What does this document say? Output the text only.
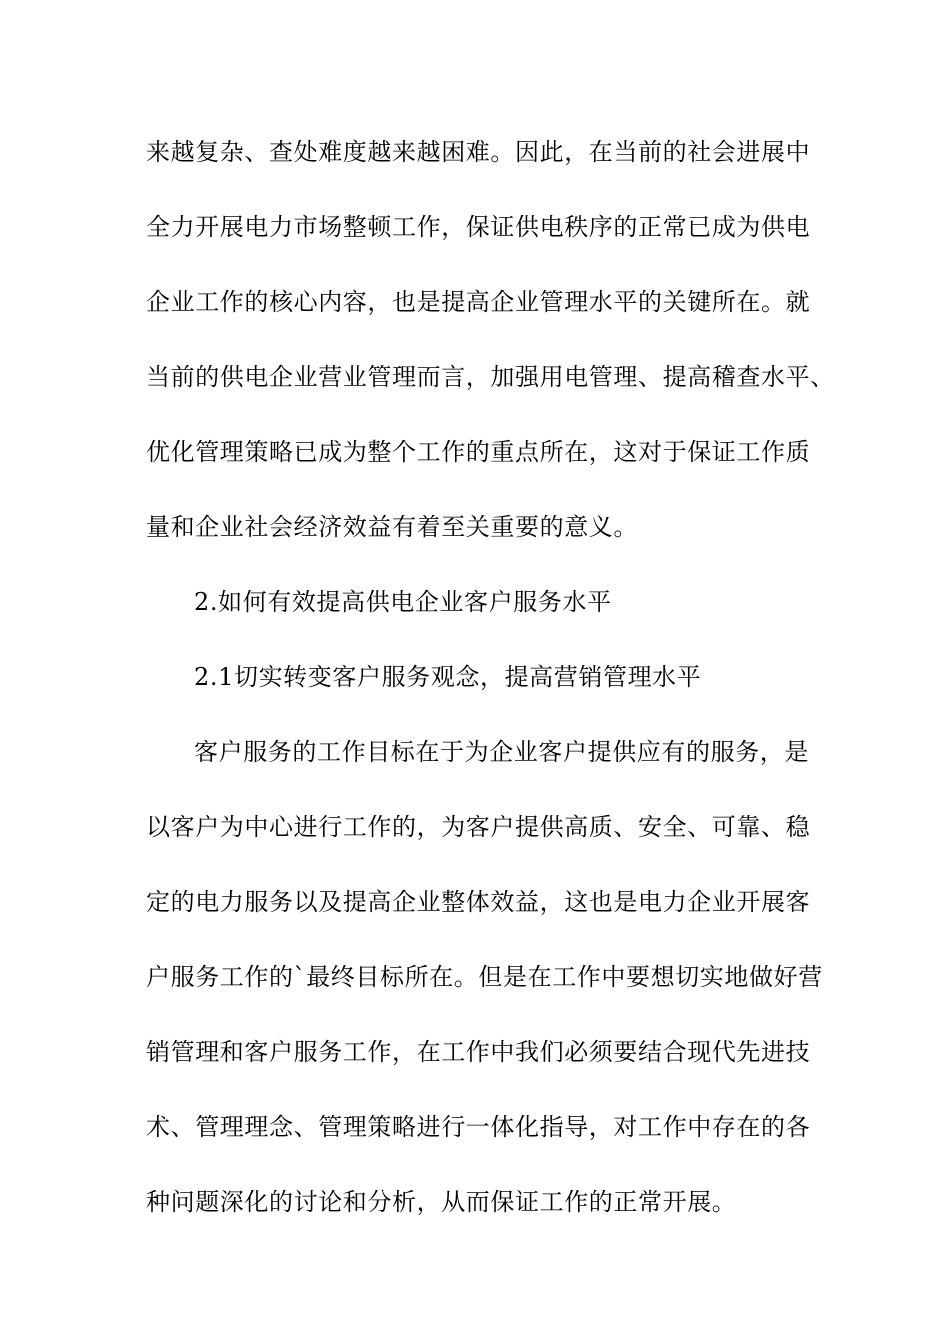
来越复杂、查处难度越来越困难。因此，在当前的社会进展中
全力开展电力市场整顿工作，保证供电秩序的正常已成为供电
企业工作的核心内容，也是提高企业管理水平的关键所在。就
当前的供电企业营业管理而言，加强用电管理、提高稽查水平、
优化管理策略已成为整个工作的重点所在，这对于保证工作质
量和企业社会经济效益有着至关重要的意义。
2.如何有效提高供电企业客户服务水平
2.1切实转变客户服务观念，提高营销管理水平
客户服务的工作目标在于为企业客户提供应有的服务，是
以客户为中心进行工作的，为客户提供高质、安全、可靠、稳
定的电力服务以及提高企业整体效益，这也是电力企业开展客
户服务工作的`最终目标所在。但是在工作中要想切实地做好营
销管理和客户服务工作，在工作中我们必须要结合现代先进技
术、管理理念、管理策略进行一体化指导，对工作中存在的各
种问题深化的讨论和分析，从而保证工作的正常开展。
